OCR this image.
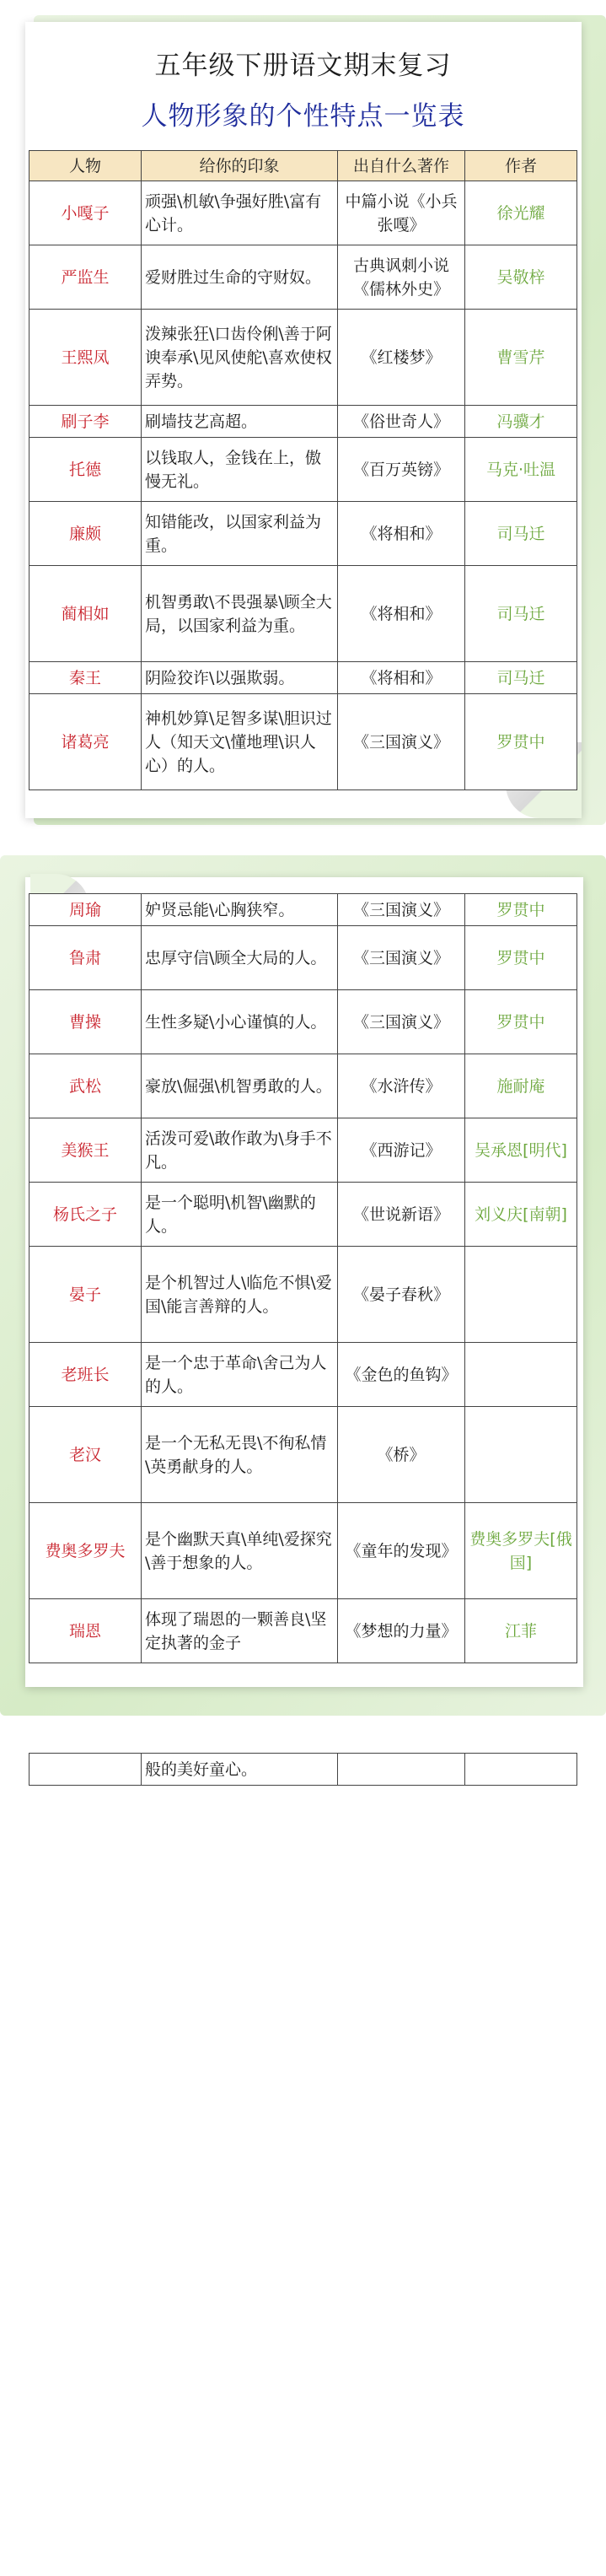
五年级下册语文期末复习
人物形象的个性特点一览表
人物	给你的印象	出自什么著作	作者
小嘎子	顽强\机敏\争强好胜\富有心计。	中篇小说《小兵张嘎》	徐光耀
严监生	爱财胜过生命的守财奴。	古典讽刺小说《儒林外史》	吴敬梓
王熙凤	泼辣张狂\口齿伶俐\善于阿谀奉承\见风使舵\喜欢使权弄势。	《红楼梦》	曹雪芹
刷子李	刷墙技艺高超。	《俗世奇人》	冯骥才
托德	以钱取人，金钱在上，傲慢无礼。	《百万英镑》	马克·吐温
廉颇	知错能改，以国家利益为重。	《将相和》	司马迁
蔺相如	机智勇敢\不畏强暴\顾全大局，以国家利益为重。	《将相和》	司马迁
秦王	阴险狡诈\以强欺弱。	《将相和》	司马迁
诸葛亮	神机妙算\足智多谋\胆识过人（知天文\懂地理\识人心）的人。	《三国演义》	罗贯中
周瑜	妒贤忌能\心胸狭窄。	《三国演义》	罗贯中
鲁肃	忠厚守信\顾全大局的人。	《三国演义》	罗贯中
曹操	生性多疑\小心谨慎的人。	《三国演义》	罗贯中
武松	豪放\倔强\机智勇敢的人。	《水浒传》	施耐庵
美猴王	活泼可爱\敢作敢为\身手不凡。	《西游记》	吴承恩[明代]
杨氏之子	是一个聪明\机智\幽默的人。	《世说新语》	刘义庆[南朝]
晏子	是个机智过人\临危不惧\爱国\能言善辩的人。	《晏子春秋》	
老班长	是一个忠于革命\舍己为人的人。	《金色的鱼钩》	
老汉	是一个无私无畏\不徇私情\英勇献身的人。	《桥》	
费奥多罗夫	是个幽默天真\单纯\爱探究\善于想象的人。	《童年的发现》	费奥多罗夫[俄国]
瑞恩	体现了瑞恩的一颗善良\坚定执著的金子	《梦想的力量》	江菲
	般的美好童心。		
